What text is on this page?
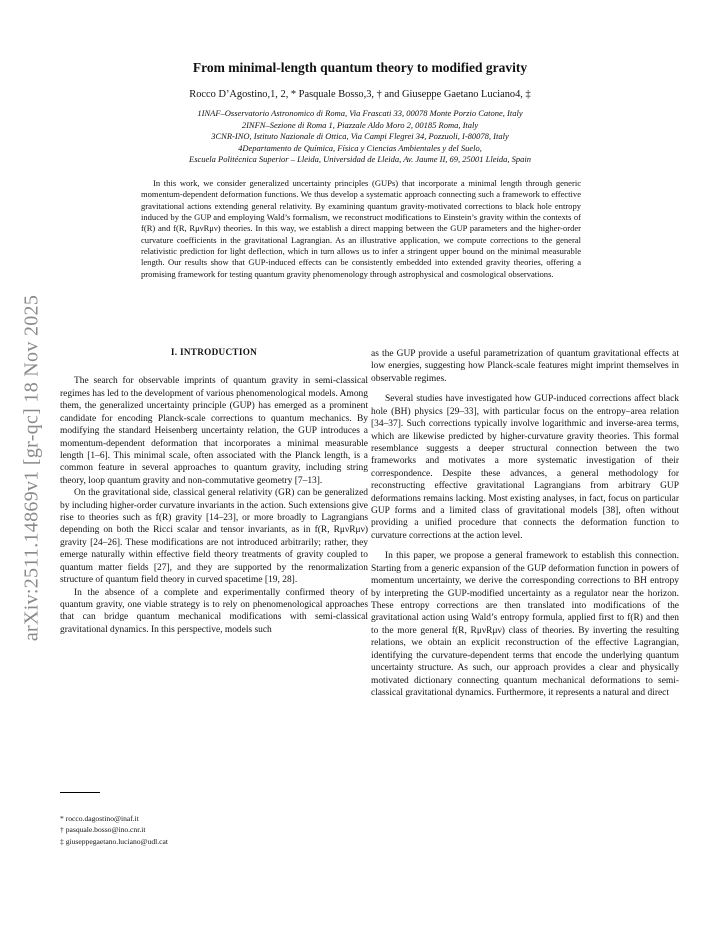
arXiv:2511.14869v1 [gr-qc] 18 Nov 2025
From minimal-length quantum theory to modified gravity
Rocco D’Agostino,1, 2, * Pasquale Bosso,3, † and Giuseppe Gaetano Luciano4, ‡
1INAF–Osservatorio Astronomico di Roma, Via Frascati 33, 00078 Monte Porzio Catone, Italy
2INFN–Sezione di Roma 1, Piazzale Aldo Moro 2, 00185 Roma, Italy
3CNR-INO, Istituto Nazionale di Ottica, Via Campi Flegrei 34, Pozzuoli, I-80078, Italy
4Departamento de Química, Física y Ciencias Ambientales y del Suelo,
Escuela Politécnica Superior – Lleida, Universidad de Lleida, Av. Jaume II, 69, 25001 Lleida, Spain

In this work, we consider generalized uncertainty principles (GUPs) that incorporate a minimal length through generic momentum-dependent deformation functions. We thus develop a systematic approach connecting such a framework to effective gravitational actions extending general relativity. By examining quantum gravity-motivated corrections to black hole entropy induced by the GUP and employing Wald’s formalism, we reconstruct modifications to Einstein’s gravity within the contexts of f(R) and f(R, RμνRμν) theories. In this way, we establish a direct mapping between the GUP parameters and the higher-order curvature coefficients in the gravitational Lagrangian. As an illustrative application, we compute corrections to the general relativistic prediction for light deflection, which in turn allows us to infer a stringent upper bound on the minimal measurable length. Our results show that GUP-induced effects can be consistently embedded into extended gravity theories, offering a promising framework for testing quantum gravity phenomenology through astrophysical and cosmological observations.

I. INTRODUCTION

The search for observable imprints of quantum gravity in semi-classical regimes has led to the development of various phenomenological models. Among them, the generalized uncertainty principle (GUP) has emerged as a prominent candidate for encoding Planck-scale corrections to quantum mechanics. By modifying the standard Heisenberg uncertainty relation, the GUP introduces a momentum-dependent deformation that incorporates a minimal measurable length [1–6]. This minimal scale, often associated with the Planck length, is a common feature in several approaches to quantum gravity, including string theory, loop quantum gravity and non-commutative geometry [7–13].

On the gravitational side, classical general relativity (GR) can be generalized by including higher-order curvature invariants in the action. Such extensions give rise to theories such as f(R) gravity [14–23], or more broadly to Lagrangians depending on both the Ricci scalar and tensor invariants, as in f(R, RμνRμν) gravity [24–26]. These modifications are not introduced arbitrarily; rather, they emerge naturally within effective field theory treatments of gravity coupled to quantum matter fields [27], and they are supported by the renormalization structure of quantum field theory in curved spacetime [19, 28].

In the absence of a complete and experimentally confirmed theory of quantum gravity, one viable strategy is to rely on phenomenological approaches that can bridge quantum mechanical modifications with semi-classical gravitational dynamics. In this perspective, models such

as the GUP provide a useful parametrization of quantum gravitational effects at low energies, suggesting how Planck-scale features might imprint themselves in observable regimes.

Several studies have investigated how GUP-induced corrections affect black hole (BH) physics [29–33], with particular focus on the entropy–area relation [34–37]. Such corrections typically involve logarithmic and inverse-area terms, which are likewise predicted by higher-curvature gravity theories. This formal resemblance suggests a deeper structural connection between the two frameworks and motivates a more systematic investigation of their correspondence. Despite these advances, a general methodology for reconstructing effective gravitational Lagrangians from arbitrary GUP deformations remains lacking. Most existing analyses, in fact, focus on particular GUP forms and a limited class of gravitational models [38], often without providing a unified procedure that connects the deformation function to curvature corrections at the action level.

In this paper, we propose a general framework to establish this connection. Starting from a generic expansion of the GUP deformation function in powers of momentum uncertainty, we derive the corresponding corrections to BH entropy by interpreting the GUP-modified uncertainty as a regulator near the horizon. These entropy corrections are then translated into modifications of the gravitational action using Wald’s entropy formula, applied first to f(R) and then to the more general f(R, RμνRμν) class of theories. By inverting the resulting relations, we obtain an explicit reconstruction of the effective Lagrangian, identifying the curvature-dependent terms that encode the underlying quantum uncertainty structure. As such, our approach provides a clear and physically motivated dictionary connecting quantum mechanical deformations to semi-classical gravitational dynamics. Furthermore, it represents a natural and direct

* rocco.dagostino@inaf.it
† pasquale.bosso@ino.cnr.it
‡ giuseppegaetano.luciano@udl.cat
